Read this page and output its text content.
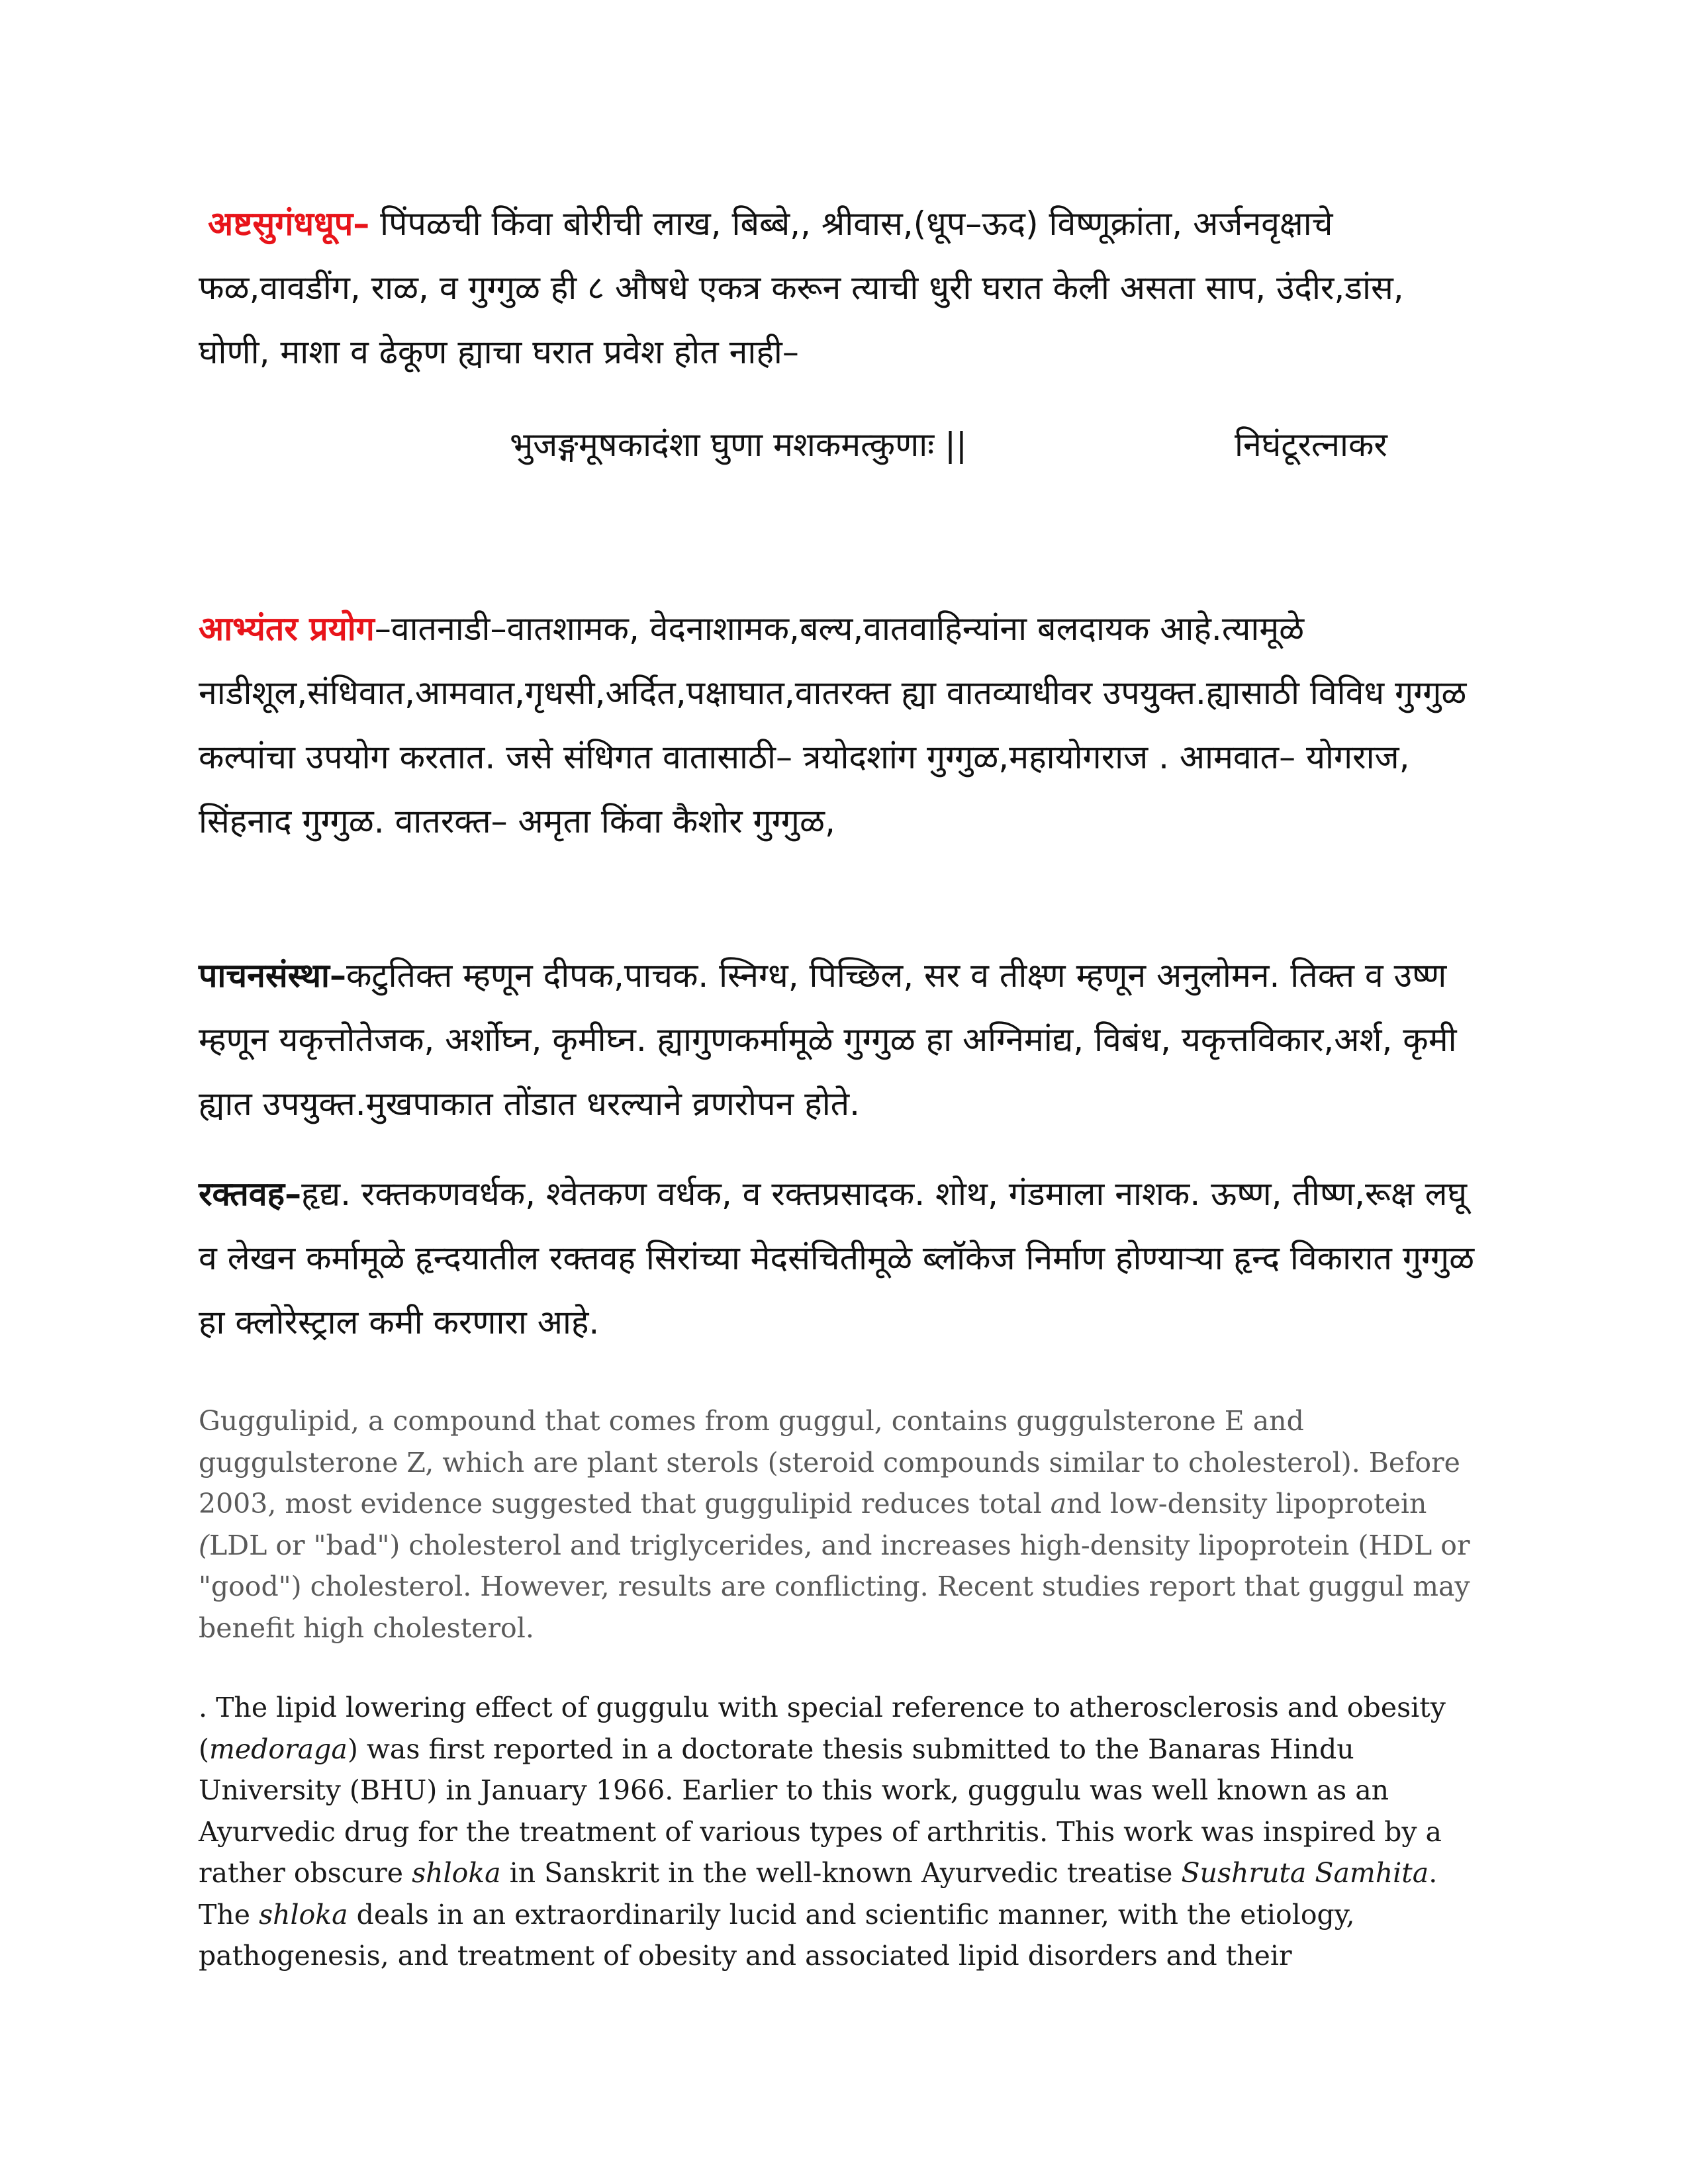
अष्टसुगंधधूप– पिंपळची किंवा बोरीची लाख, बिब्बे,, श्रीवास,(धूप–ऊद) विष्णूक्रांता, अर्जनवृक्षाचे फळ,वावडींग, राळ, व गुग्गुळ ही ८ औषधे एकत्र करून त्याची धुरी घरात केली असता साप, उंदीर,डांस, घोणी, माशा व ढेकूण ह्याचा घरात प्रवेश होत नाही–

भुजङ्गमूषकादंशा घुणा मशकमत्कुणाः ||	निघंटूरत्नाकर

आभ्यंतर प्रयोग–वातनाडी–वातशामक, वेदनाशामक,बल्य,वातवाहिन्यांना बलदायक आहे.त्यामूळे नाडीशूल,संधिवात,आमवात,गृधसी,अर्दित,पक्षाघात,वातरक्त ह्या वातव्याधीवर उपयुक्त.ह्यासाठी विविध गुग्गुळ कल्पांचा उपयोग करतात. जसे संधिगत वातासाठी– त्रयोदशांग गुग्गुळ,महायोगराज . आमवात– योगराज, सिंहनाद गुग्गुळ. वातरक्त– अमृता किंवा कैशोर गुग्गुळ,

पाचनसंस्था–कटुतिक्त म्हणून दीपक,पाचक. स्निग्ध, पिच्छिल, सर व तीक्ष्ण म्हणून अनुलोमन. तिक्त व उष्ण म्हणून यकृत्तोतेजक, अर्शोघ्न, कृमीघ्न. ह्यागुणकर्मामूळे गुग्गुळ हा अग्निमांद्य, विबंध, यकृत्तविकार,अर्श, कृमी ह्यात उपयुक्त.मुखपाकात तोंडात धरल्याने व्रणरोपन होते.

रक्तवह–हृद्य. रक्तकणवर्धक, श्वेतकण वर्धक, व रक्तप्रसादक. शोथ, गंडमाला नाशक. ऊष्ण, तीष्ण,रूक्ष लघू व लेखन कर्मामूळे हृन्दयातील रक्तवह सिरांच्या मेदसंचितीमूळे ब्लॉकेज निर्माण होण्याऱ्या हृन्द विकारात गुग्गुळ हा क्लोरेस्ट्राल कमी करणारा आहे.

Guggulipid, a compound that comes from guggul, contains guggulsterone E and guggulsterone Z, which are plant sterols (steroid compounds similar to cholesterol). Before 2003, most evidence suggested that guggulipid reduces total and low-density lipoprotein (LDL or "bad") cholesterol and triglycerides, and increases high-density lipoprotein (HDL or "good") cholesterol. However, results are conflicting. Recent studies report that guggul may benefit high cholesterol.

. The lipid lowering effect of guggulu with special reference to atherosclerosis and obesity (medoraga) was first reported in a doctorate thesis submitted to the Banaras Hindu University (BHU) in January 1966. Earlier to this work, guggulu was well known as an Ayurvedic drug for the treatment of various types of arthritis. This work was inspired by a rather obscure shloka in Sanskrit in the well-known Ayurvedic treatise Sushruta Samhita. The shloka deals in an extraordinarily lucid and scientific manner, with the etiology, pathogenesis, and treatment of obesity and associated lipid disorders and their
